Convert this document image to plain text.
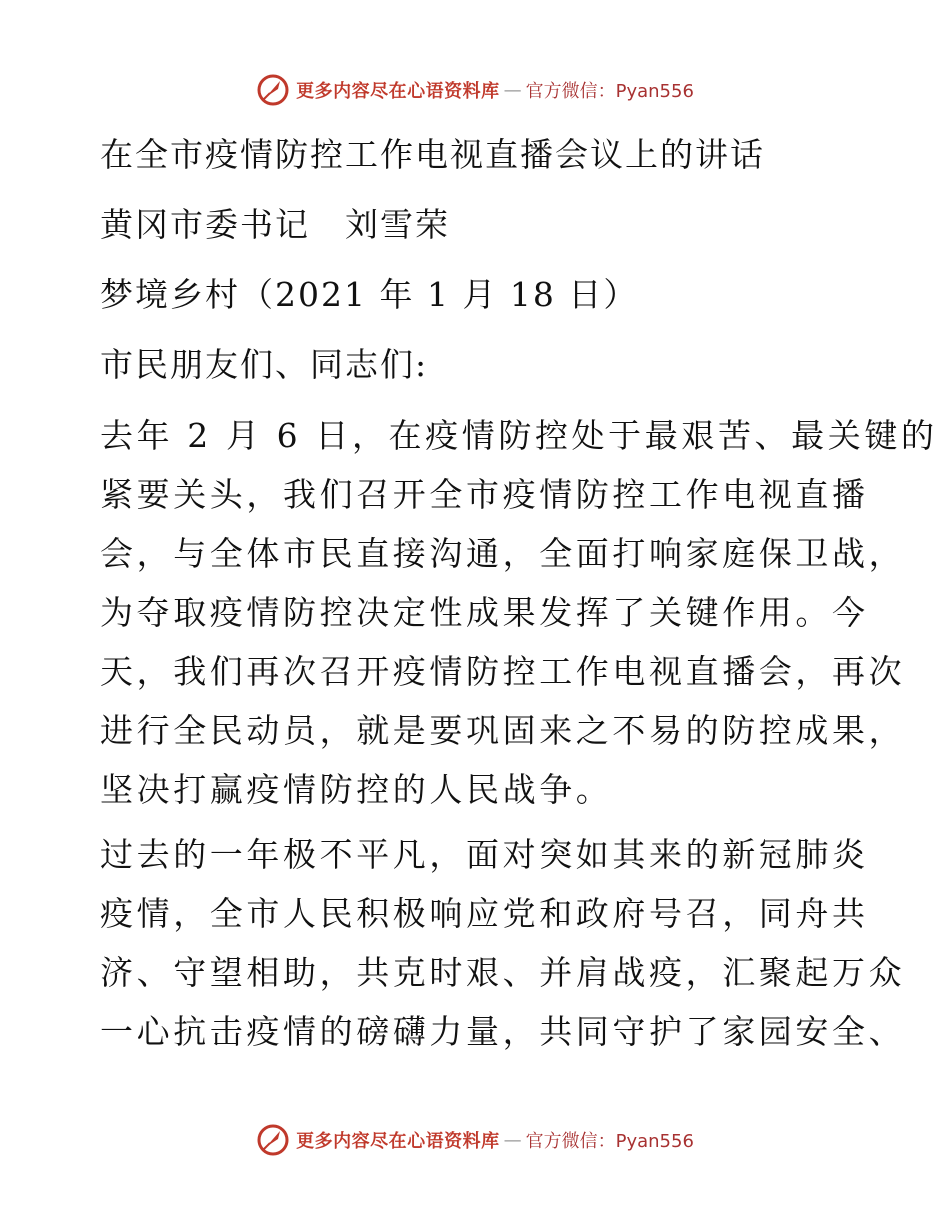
更多内容尽在心语资料库 — 官方微信：Pyan556
在全市疫情防控工作电视直播会议上的讲话
黄冈市委书记　刘雪荣
梦境乡村（2021 年 1 月 18 日）
市民朋友们、同志们:
去年 2 月 6 日，在疫情防控处于最艰苦、最关键的
紧要关头，我们召开全市疫情防控工作电视直播
会，与全体市民直接沟通，全面打响家庭保卫战，
为夺取疫情防控决定性成果发挥了关键作用。今
天，我们再次召开疫情防控工作电视直播会，再次
进行全民动员，就是要巩固来之不易的防控成果，
坚决打赢疫情防控的人民战争。
过去的一年极不平凡，面对突如其来的新冠肺炎
疫情，全市人民积极响应党和政府号召，同舟共
济、守望相助，共克时艰、并肩战疫，汇聚起万众
一心抗击疫情的磅礴力量，共同守护了家园安全、
更多内容尽在心语资料库 — 官方微信：Pyan556
